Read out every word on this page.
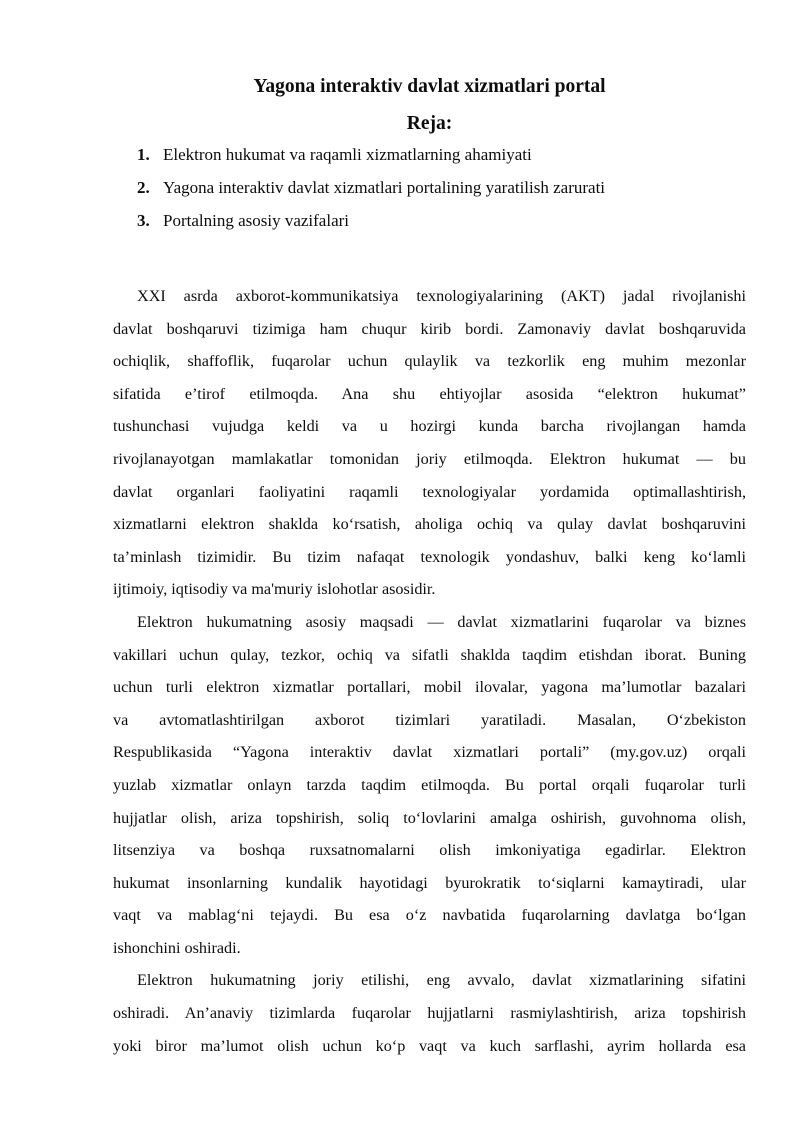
Yagona interaktiv davlat xizmatlari portal
Reja:
1. Elektron hukumat va raqamli xizmatlarning ahamiyati
2. Yagona interaktiv davlat xizmatlari portalining yaratilish zarurati
3. Portalning asosiy vazifalari
XXI asrda axborot-kommunikatsiya texnologiyalarining (AKT) jadal rivojlanishi
davlat boshqaruvi tizimiga ham chuqur kirib bordi. Zamonaviy davlat boshqaruvida
ochiqlik, shaffoflik, fuqarolar uchun qulaylik va tezkorlik eng muhim mezonlar
sifatida e’tirof etilmoqda. Ana shu ehtiyojlar asosida “elektron hukumat”
tushunchasi vujudga keldi va u hozirgi kunda barcha rivojlangan hamda
rivojlanayotgan mamlakatlar tomonidan joriy etilmoqda. Elektron hukumat — bu
davlat organlari faoliyatini raqamli texnologiyalar yordamida optimallashtirish,
xizmatlarni elektron shaklda ko‘rsatish, aholiga ochiq va qulay davlat boshqaruvini
ta’minlash tizimidir. Bu tizim nafaqat texnologik yondashuv, balki keng ko‘lamli
ijtimoiy, iqtisodiy va ma'muriy islohotlar asosidir.
Elektron hukumatning asosiy maqsadi — davlat xizmatlarini fuqarolar va biznes
vakillari uchun qulay, tezkor, ochiq va sifatli shaklda taqdim etishdan iborat. Buning
uchun turli elektron xizmatlar portallari, mobil ilovalar, yagona ma’lumotlar bazalari
va avtomatlashtirilgan axborot tizimlari yaratiladi. Masalan, O‘zbekiston
Respublikasida “Yagona interaktiv davlat xizmatlari portali” (my.gov.uz) orqali
yuzlab xizmatlar onlayn tarzda taqdim etilmoqda. Bu portal orqali fuqarolar turli
hujjatlar olish, ariza topshirish, soliq to‘lovlarini amalga oshirish, guvohnoma olish,
litsenziya va boshqa ruxsatnomalarni olish imkoniyatiga egadirlar. Elektron
hukumat insonlarning kundalik hayotidagi byurokratik to‘siqlarni kamaytiradi, ular
vaqt va mablag‘ni tejaydi. Bu esa o‘z navbatida fuqarolarning davlatga bo‘lgan
ishonchini oshiradi.
Elektron hukumatning joriy etilishi, eng avvalo, davlat xizmatlarining sifatini
oshiradi. An’anaviy tizimlarda fuqarolar hujjatlarni rasmiylashtirish, ariza topshirish
yoki biror ma’lumot olish uchun ko‘p vaqt va kuch sarflashi, ayrim hollarda esa
